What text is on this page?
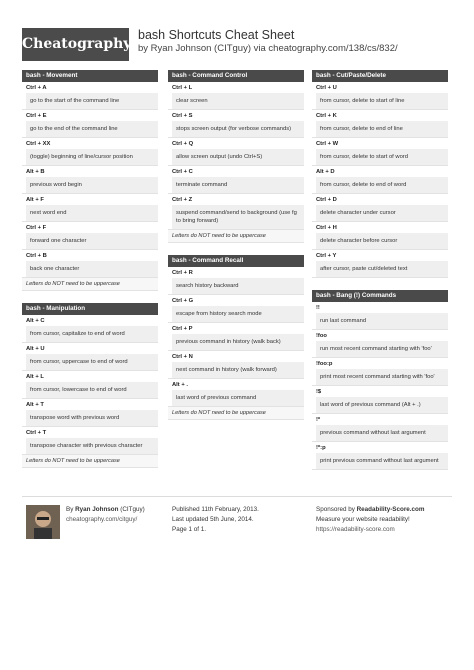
Cheatography
bash Shortcuts Cheat Sheet
by Ryan Johnson (CITguy) via cheatography.com/138/cs/832/
bash - Movement
Ctrl + A
go to the start of the command line
Ctrl + E
go to the end of the command line
Ctrl + XX
(toggle) beginning of line/cursor position
Alt + B
previous word begin
Alt + F
next word end
Ctrl + F
forward one character
Ctrl + B
back one character
Letters do NOT need to be uppercase
bash - Manipulation
Alt + C
from cursor, capitalize to end of word
Alt + U
from cursor, uppercase to end of word
Alt + L
from cursor, lowercase to end of word
Alt + T
transpose word with previous word
Ctrl + T
transpose character with previous character
Letters do NOT need to be uppercase
bash - Command Control
Ctrl + L
clear screen
Ctrl + S
stops screen output (for verbose commands)
Ctrl + Q
allow screen output (undo Ctrl+S)
Ctrl + C
terminate command
Ctrl + Z
suspend command/send to background (use fg to bring forward)
Letters do NOT need to be uppercase
bash - Command Recall
Ctrl + R
search history backward
Ctrl + G
escape from history search mode
Ctrl + P
previous command in history (walk back)
Ctrl + N
next command in history (walk forward)
Alt + .
last word of previous command
Letters do NOT need to be uppercase
bash - Cut/Paste/Delete
Ctrl + U
from cursor, delete to start of line
Ctrl + K
from cursor, delete to end of line
Ctrl + W
from cursor, delete to start of word
Alt + D
from cursor, delete to end of word
Ctrl + D
delete character under cursor
Ctrl + H
delete character before cursor
Ctrl + Y
after cursor, paste cut/deleted text
bash - Bang (!) Commands
!!
run last command
!foo
run most recent command starting with 'foo'
!foo:p
print most recent command starting with 'foo'
!$
last word of previous command (Alt + .)
!*
previous command without last argument
!*:p
print previous command without last argument
By Ryan Johnson (CITguy)
cheatography.com/citguy/
Published 11th February, 2013.
Last updated 5th June, 2014.
Page 1 of 1.
Sponsored by Readability-Score.com
Measure your website readability!
https://readability-score.com
